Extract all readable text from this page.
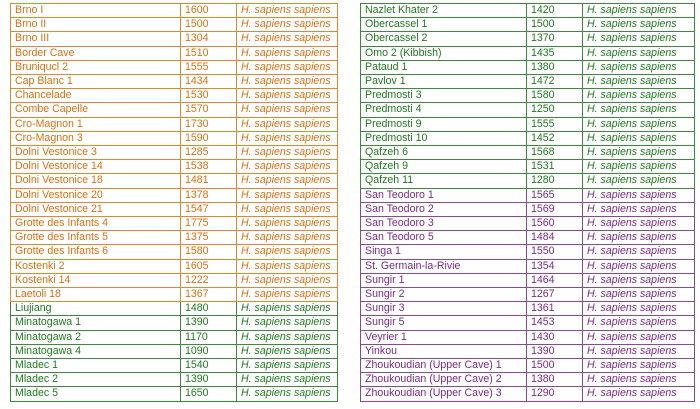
Brno I	1600	H. sapiens sapiens
Brno II	1500	H. sapiens sapiens
Brno III	1304	H. sapiens sapiens
Border Cave	1510	H. sapiens sapiens
Bruniqucl 2	1555	H. sapiens sapiens
Cap Blanc 1	1434	H. sapiens sapiens
Chancelade	1530	H. sapiens sapiens
Combe Capelle	1570	H. sapiens sapiens
Cro-Magnon 1	1730	H. sapiens sapiens
Cro-Magnon 3	1590	H. sapiens sapiens
Dolni Vestonice 3	1285	H. sapiens sapiens
Dolni Vestonice 14	1538	H. sapiens sapiens
Dolni Vestonice 18	1481	H. sapiens sapiens
Dolni Vestonice 20	1378	H. sapiens sapiens
Dolni Vestonice 21	1547	H. sapiens sapiens
Grotte des Infants 4	1775	H. sapiens sapiens
Grotte des Infants 5	1375	H. sapiens sapiens
Grotte des Infants 6	1580	H. sapiens sapiens
Kostenki 2	1605	H. sapiens sapiens
Kostenki 14	1222	H. sapiens sapiens
Laetoli 18	1367	H. sapiens sapiens
Liujiang	1480	H. sapiens sapiens
Minatogawa 1	1390	H. sapiens sapiens
Minatogawa 2	1170	H. sapiens sapiens
Minatogawa 4	1090	H. sapiens sapiens
Mladec 1	1540	H. sapiens sapiens
Mladec 2	1390	H. sapiens sapiens
Mladec 5	1650	H. sapiens sapiens
Nazlet Khater 2	1420	H. sapiens sapiens
Obercassel 1	1500	H. sapiens sapiens
Obercassel 2	1370	H. sapiens sapiens
Omo 2 (Kibbish)	1435	H. sapiens sapiens
Pataud 1	1380	H. sapiens sapiens
Pavlov 1	1472	H. sapiens sapiens
Predmosti 3	1580	H. sapiens sapiens
Predmosti 4	1250	H. sapiens sapiens
Predmosti 9	1555	H. sapiens sapiens
Predmosti 10	1452	H. sapiens sapiens
Qafzeh 6	1568	H. sapiens sapiens
Qafzeh 9	1531	H. sapiens sapiens
Qafzeh 11	1280	H. sapiens sapiens
San Teodoro 1	1565	H. sapiens sapiens
San Teodoro 2	1569	H. sapiens sapiens
San Teodoro 3	1560	H. sapiens sapiens
San Teodoro 5	1484	H. sapiens sapiens
Singa 1	1550	H. sapiens sapiens
St. Germain-la-Rivie	1354	H. sapiens sapiens
Sungir 1	1464	H. sapiens sapiens
Sungir 2	1267	H. sapiens sapiens
Sungir 3	1361	H. sapiens sapiens
Sungir 5	1453	H. sapiens sapiens
Veyrier 1	1430	H. sapiens sapiens
Yinkou	1390	H. sapiens sapiens
Zhoukoudian (Upper Cave) 1	1500	H. sapiens sapiens
Zhoukoudian (Upper Cave) 2	1380	H. sapiens sapiens
Zhoukoudian (Upper Cave) 3	1290	H. sapiens sapiens
